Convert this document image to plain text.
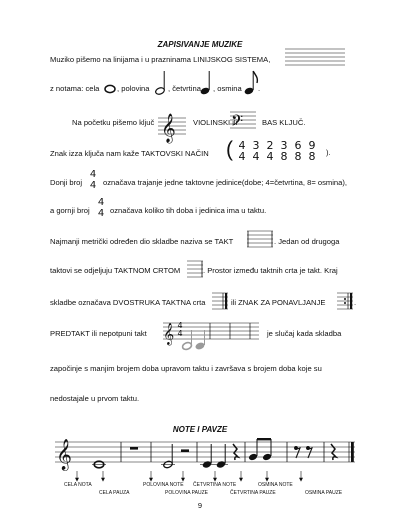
ZAPISIVANJE MUZIKE
Muziko pišemo na linijama i u prazninama LINIJSKOG SISTEMA,
z notama: cela , polovina , četvrtina , osmina .
Na početku pišemo ključ 𝄞 VIOLINSKI ili
𝄢 BAS KLJUČ.
Znak izza ključa nam kaže TAKTOVSKI NAČIN ( 4
4
3
4
2
4
3
8
6
8
9
8	).
Donji broj
4
4 označava trajanje jedne taktovne jedinice(dobe; 4=četvrtina, 8= osmina),
a gornji broj
4
4 označava koliko tih doba i jedinica ima u taktu.
Najmanji metrički određen dio skladbe naziva se TAKT	. Jedan od drugoga
taktovi se odjeljuju TAKTNOM CRTOM	. Prostor između taktnih crta je takt. Kraj
skladbe označava DVOSTRUKA TAKTNA crta	ili ZNAK ZA PONAVLJANJE	.
PREDTAKT ili nepotpuni takt 𝄞 4
4	je slučaj kada skladba
započinje s manjim brojem doba upravom taktu i završava s brojem doba koje su
nedostajale u prvom taktu.
NOTE I PAVZE
𝄞
CELA NOTA	POLOVINA NOTE ČETVRTINA NOTE	OSMINA NOTE
CELA PAUZA	POLOVINA PAUZE	ČETVRTINA PAUZE	OSMINA PAUZE
9
